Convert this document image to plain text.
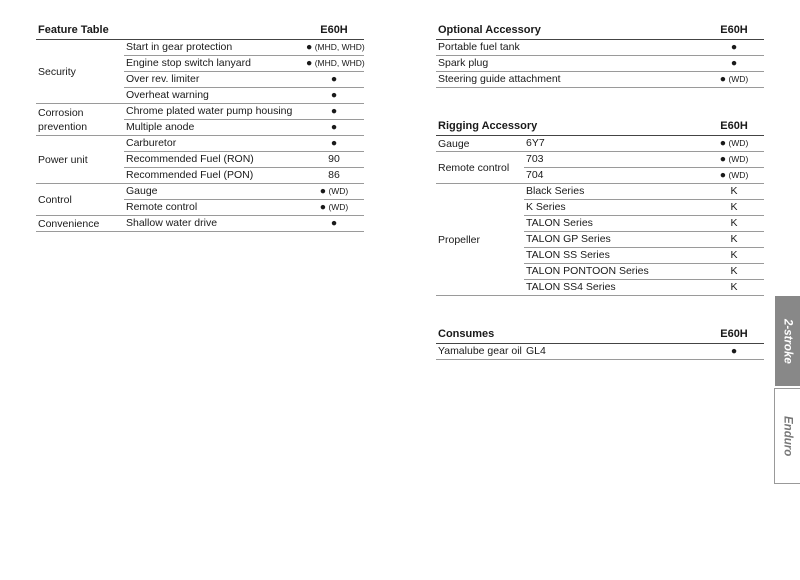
Feature Table		E60H
Security	Start in gear protection	● (MHD, WHD)
	Engine stop switch lanyard	● (MHD, WHD)
	Over rev. limiter	●
	Overheat warning	●
Corrosion prevention	Chrome plated water pump housing	●
	Multiple anode	●
Power unit	Carburetor	●
	Recommended Fuel (RON)	90
	Recommended Fuel (PON)	86
Control	Gauge	● (WD)
	Remote control	● (WD)
Convenience	Shallow water drive	●
Optional Accessory	E60H
Portable fuel tank	●
Spark plug	●
Steering guide attachment	● (WD)
Rigging Accessory		E60H
Gauge	6Y7	● (WD)
Remote control	703	● (WD)
	704	● (WD)
Propeller	Black Series	K
	K Series	K
	TALON Series	K
	TALON GP Series	K
	TALON SS Series	K
	TALON PONTOON Series	K
	TALON SS4 Series	K
Consumes		E60H
Yamalube gear oil	GL4	●	2-stroke
Enduro
